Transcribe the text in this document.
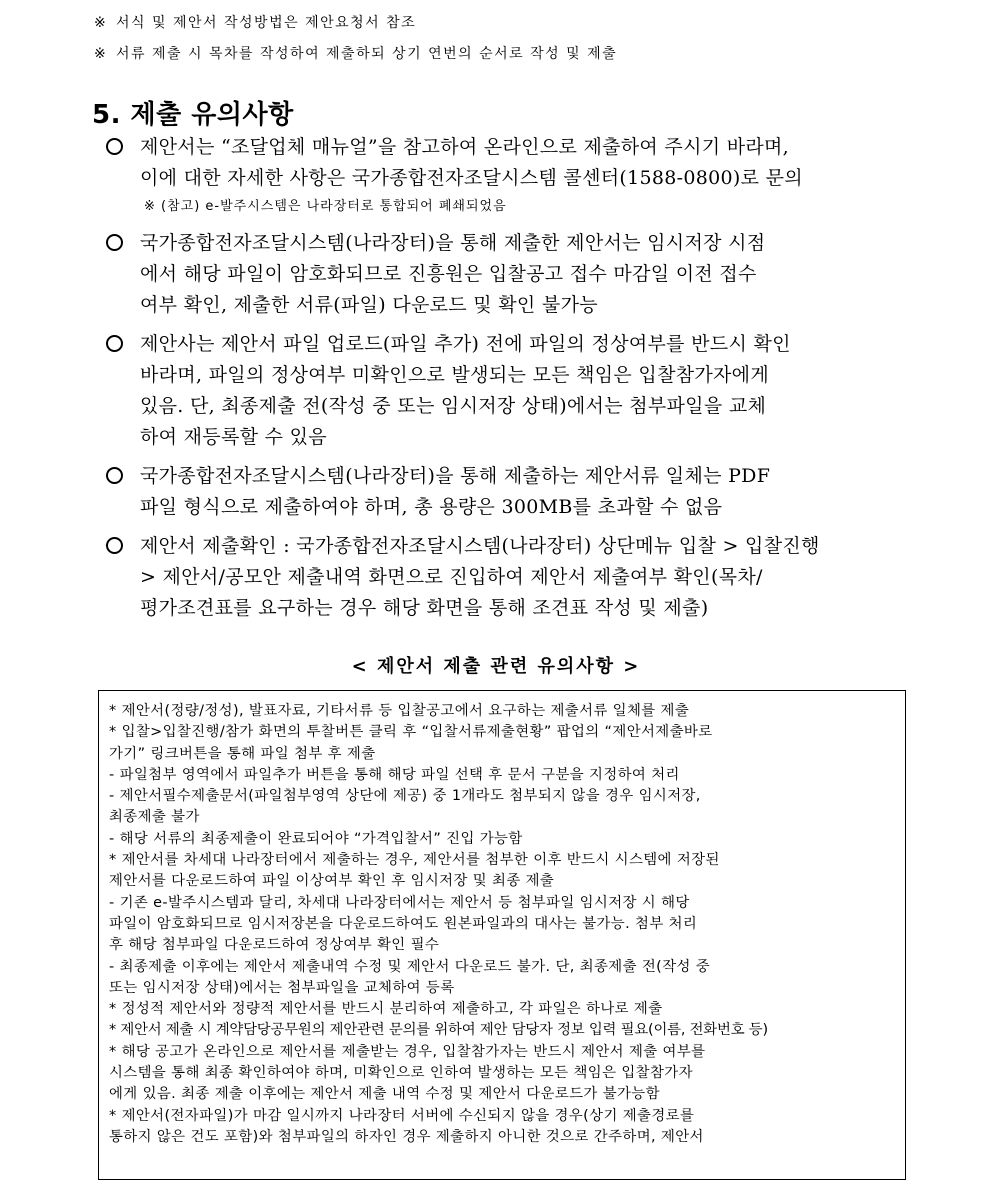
※ 서식 및 제안서 작성방법은 제안요청서 참조
※ 서류 제출 시 목차를 작성하여 제출하되 상기 연번의 순서로 작성 및 제출
5. 제출 유의사항
제안서는 “조달업체 매뉴얼”을 참고하여 온라인으로 제출하여 주시기 바라며,
이에 대한 자세한 사항은 국가종합전자조달시스템 콜센터(1588-0800)로 문의
※ (참고) e-발주시스템은 나라장터로 통합되어 폐쇄되었음
국가종합전자조달시스템(나라장터)을 통해 제출한 제안서는 임시저장 시점
에서 해당 파일이 암호화되므로 진흥원은 입찰공고 접수 마감일 이전 접수
여부 확인, 제출한 서류(파일) 다운로드 및 확인 불가능
제안사는 제안서 파일 업로드(파일 추가) 전에 파일의 정상여부를 반드시 확인
바라며, 파일의 정상여부 미확인으로 발생되는 모든 책임은 입찰참가자에게
있음. 단, 최종제출 전(작성 중 또는 임시저장 상태)에서는 첨부파일을 교체
하여 재등록할 수 있음
국가종합전자조달시스템(나라장터)을 통해 제출하는 제안서류 일체는 PDF
파일 형식으로 제출하여야 하며, 총 용량은 300MB를 초과할 수 없음
제안서 제출확인 : 국가종합전자조달시스템(나라장터) 상단메뉴 입찰 > 입찰진행
> 제안서/공모안 제출내역 화면으로 진입하여 제안서 제출여부 확인(목차/
평가조견표를 요구하는 경우 해당 화면을 통해 조견표 작성 및 제출)
< 제안서 제출 관련 유의사항 >
* 제안서(정량/정성), 발표자료, 기타서류 등 입찰공고에서 요구하는 제출서류 일체를 제출
* 입찰>입찰진행/참가 화면의 투찰버튼 클릭 후 “입찰서류제출현황” 팝업의 “제안서제출바로
가기” 링크버튼을 통해 파일 첨부 후 제출
- 파일첨부 영역에서 파일추가 버튼을 통해 해당 파일 선택 후 문서 구분을 지정하여 처리
- 제안서필수제출문서(파일첨부영역 상단에 제공) 중 1개라도 첨부되지 않을 경우 임시저장,
최종제출 불가
- 해당 서류의 최종제출이 완료되어야 “가격입찰서” 진입 가능함
* 제안서를 차세대 나라장터에서 제출하는 경우, 제안서를 첨부한 이후 반드시 시스템에 저장된
제안서를 다운로드하여 파일 이상여부 확인 후 임시저장 및 최종 제출
- 기존 e-발주시스템과 달리, 차세대 나라장터에서는 제안서 등 첨부파일 임시저장 시 해당
파일이 암호화되므로 임시저장본을 다운로드하여도 원본파일과의 대사는 불가능. 첨부 처리
후 해당 첨부파일 다운로드하여 정상여부 확인 필수
- 최종제출 이후에는 제안서 제출내역 수정 및 제안서 다운로드 불가. 단, 최종제출 전(작성 중
또는 임시저장 상태)에서는 첨부파일을 교체하여 등록
* 정성적 제안서와 정량적 제안서를 반드시 분리하여 제출하고, 각 파일은 하나로 제출
* 제안서 제출 시 계약담당공무원의 제안관련 문의를 위하여 제안 담당자 정보 입력 필요(이름, 전화번호 등)
* 해당 공고가 온라인으로 제안서를 제출받는 경우, 입찰참가자는 반드시 제안서 제출 여부를
시스템을 통해 최종 확인하여야 하며, 미확인으로 인하여 발생하는 모든 책임은 입찰참가자
에게 있음. 최종 제출 이후에는 제안서 제출 내역 수정 및 제안서 다운로드가 불가능함
* 제안서(전자파일)가 마감 일시까지 나라장터 서버에 수신되지 않을 경우(상기 제출경로를
통하지 않은 건도 포함)와 첨부파일의 하자인 경우 제출하지 아니한 것으로 간주하며, 제안서
